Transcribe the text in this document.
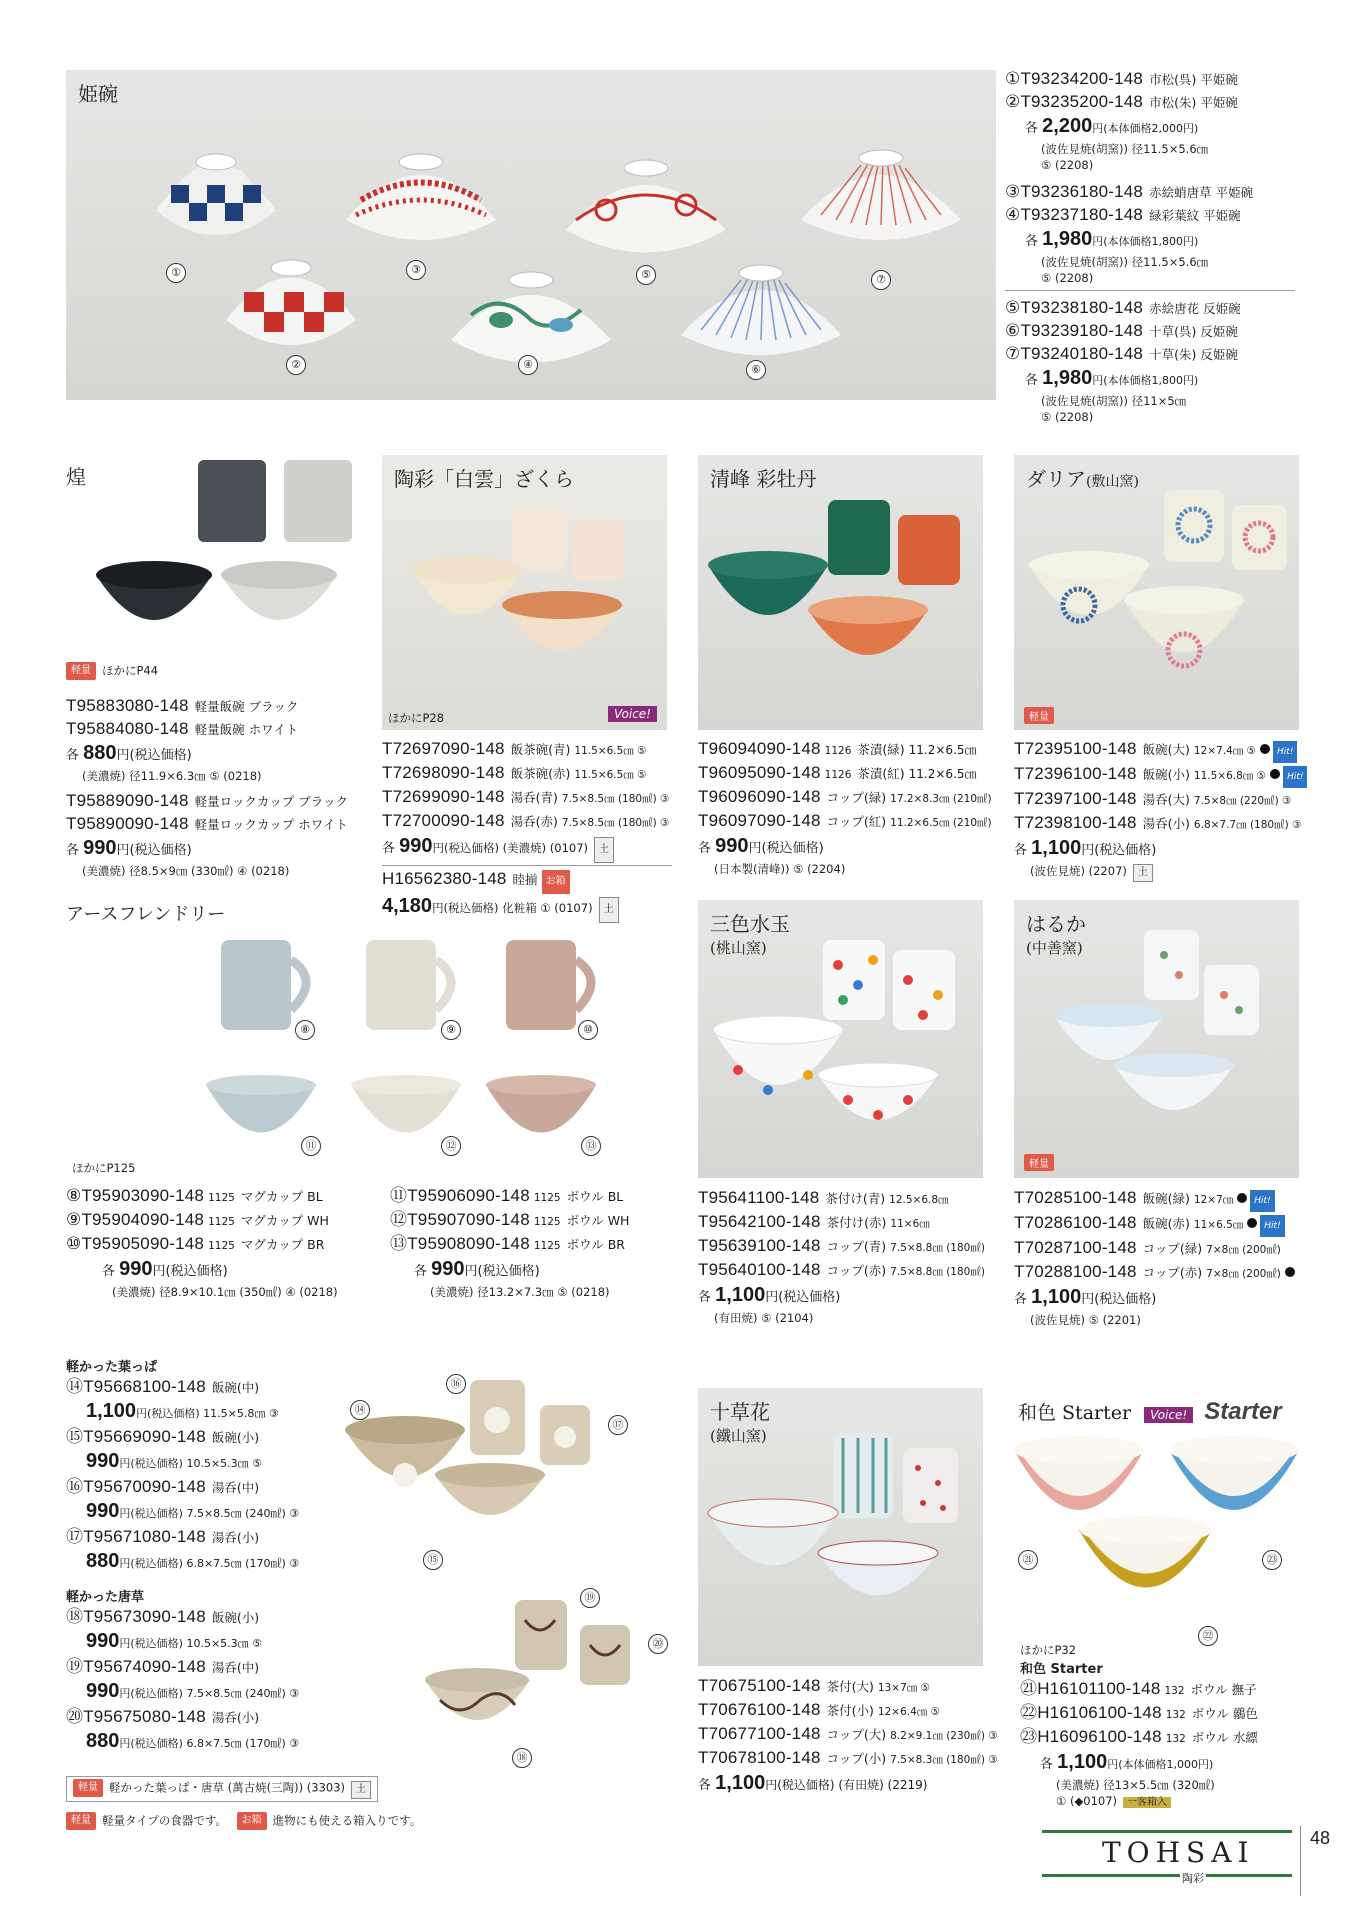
姫碗
①
②
③
④
⑤
⑥
⑦
①T93234200-148 市松(呉) 平姫碗
②T93235200-148 市松(朱) 平姫碗
各 2,200円(本体価格2,000円)
(波佐見焼(胡窯)) 径11.5×5.6㎝
⑤ (2208)
③T93236180-148 赤絵蛸唐草 平姫碗
④T93237180-148 緑彩葉紋 平姫碗
各 1,980円(本体価格1,800円)
(波佐見焼(胡窯)) 径11.5×5.6㎝
⑤ (2208)
⑤T93238180-148 赤絵唐花 反姫碗
⑥T93239180-148 十草(呉) 反姫碗
⑦T93240180-148 十草(朱) 反姫碗
各 1,980円(本体価格1,800円)
(波佐見焼(胡窯)) 径11×5㎝
⑤ (2208)
煌
軽量 ほかにP44
T95883080-148 軽量飯碗 ブラック
T95884080-148 軽量飯碗 ホワイト
各 880円(税込価格)
(美濃焼) 径11.9×6.3㎝ ⑤ (0218)
T95889090-148 軽量ロックカップ ブラック
T95890090-148 軽量ロックカップ ホワイト
各 990円(税込価格)
(美濃焼) 径8.5×9㎝ (330㎖) ④ (0218)
陶彩「白雲」ざくら
ほかにP28	Voice!
T72697090-148 飯茶碗(青) 11.5×6.5㎝ ⑤
T72698090-148 飯茶碗(赤) 11.5×6.5㎝ ⑤
T72699090-148 湯呑(青) 7.5×8.5㎝ (180㎖) ③
T72700090-148 湯呑(赤) 7.5×8.5㎝ (180㎖) ③
各 990円(税込価格) (美濃焼) (0107) 土
H16562380-148 睦揃 お箱
4,180円(税込価格) 化粧箱 ① (0107) 土
清峰 彩牡丹
T96094090-148 1126 茶漬(緑) 11.2×6.5㎝
T96095090-148 1126 茶漬(紅) 11.2×6.5㎝
T96096090-148 コップ(緑) 17.2×8.3㎝ (210㎖)
T96097090-148 コップ(紅) 11.2×6.5㎝ (210㎖)
各 990円(税込価格)
(日本製(清峰)) ⑤ (2204)
ダリア(敷山窯)
軽量
T72395100-148 飯碗(大) 12×7.4㎝ ⑤ Hit!
T72396100-148 飯碗(小) 11.5×6.8㎝ ⑤ Hit!
T72397100-148 湯呑(大) 7.5×8㎝ (220㎖) ③
T72398100-148 湯呑(小) 6.8×7.7㎝ (180㎖) ③
各 1,100円(税込価格)
(波佐見焼) (2207) 土
アースフレンドリー
⑧	⑨	⑩
⑪	⑫	⑬
ほかにP125
⑧T95903090-148 1125 マグカップ BL
⑨T95904090-148 1125 マグカップ WH
⑩T95905090-148 1125 マグカップ BR
各 990円(税込価格)
(美濃焼) 径8.9×10.1㎝ (350㎖) ④ (0218)
⑪T95906090-148 1125 ボウル BL
⑫T95907090-148 1125 ボウル WH
⑬T95908090-148 1125 ボウル BR
各 990円(税込価格)
(美濃焼) 径13.2×7.3㎝ ⑤ (0218)
三色水玉
(桃山窯)
T95641100-148 茶付け(青) 12.5×6.8㎝
T95642100-148 茶付け(赤) 11×6㎝
T95639100-148 コップ(青) 7.5×8.8㎝ (180㎖)
T95640100-148 コップ(赤) 7.5×8.8㎝ (180㎖)
各 1,100円(税込価格)
(有田焼) ⑤ (2104)
はるか
(中善窯)
軽量
T70285100-148 飯碗(緑) 12×7㎝ Hit!
T70286100-148 飯碗(赤) 11×6.5㎝ Hit!
T70287100-148 コップ(緑) 7×8㎝ (200㎖)
T70288100-148 コップ(赤) 7×8㎝ (200㎖)
各 1,100円(税込価格)
(波佐見焼) ⑤ (2201)
軽かった葉っぱ
⑭T95668100-148 飯碗(中)
1,100円(税込価格) 11.5×5.8㎝ ③
⑮T95669090-148 飯碗(小)
990円(税込価格) 10.5×5.3㎝ ⑤
⑯T95670090-148 湯呑(中)
990円(税込価格) 7.5×8.5㎝ (240㎖) ③
⑰T95671080-148 湯呑(小)
880円(税込価格) 6.8×7.5㎝ (170㎖) ③
軽かった唐草
⑱T95673090-148 飯碗(小)
990円(税込価格) 10.5×5.3㎝ ⑤
⑲T95674090-148 湯呑(中)
990円(税込価格) 7.5×8.5㎝ (240㎖) ③
⑳T95675080-148 湯呑(小)
880円(税込価格) 6.8×7.5㎝ (170㎖) ③
⑭
⑮
⑯
⑰
⑱
⑲
⑳
軽量 軽かった葉っぱ・唐草 (萬古焼(三陶)) (3303) 土
十草花
(鐵山窯)
T70675100-148 茶付(大) 13×7㎝ ⑤
T70676100-148 茶付(小) 12×6.4㎝ ⑤
T70677100-148 コップ(大) 8.2×9.1㎝ (230㎖) ③
T70678100-148 コップ(小) 7.5×8.3㎝ (180㎖) ③
各 1,100円(税込価格) (有田焼) (2219)
和色 Starter Voice! Starter
㉑
㉒
㉓
ほかにP32
和色 Starter
㉑H16101100-148 132 ボウル 撫子
㉒H16106100-148 132 ボウル 鶸色
㉓H16096100-148 132 ボウル 水縹
各 1,100円(本体価格1,000円)
(美濃焼) 径13×5.5㎝ (320㎖)
① (◆0107) 一客箱入
軽量 軽量タイプの食器です。 お箱 進物にも使える箱入りです。
TOHSAI
陶彩
48
